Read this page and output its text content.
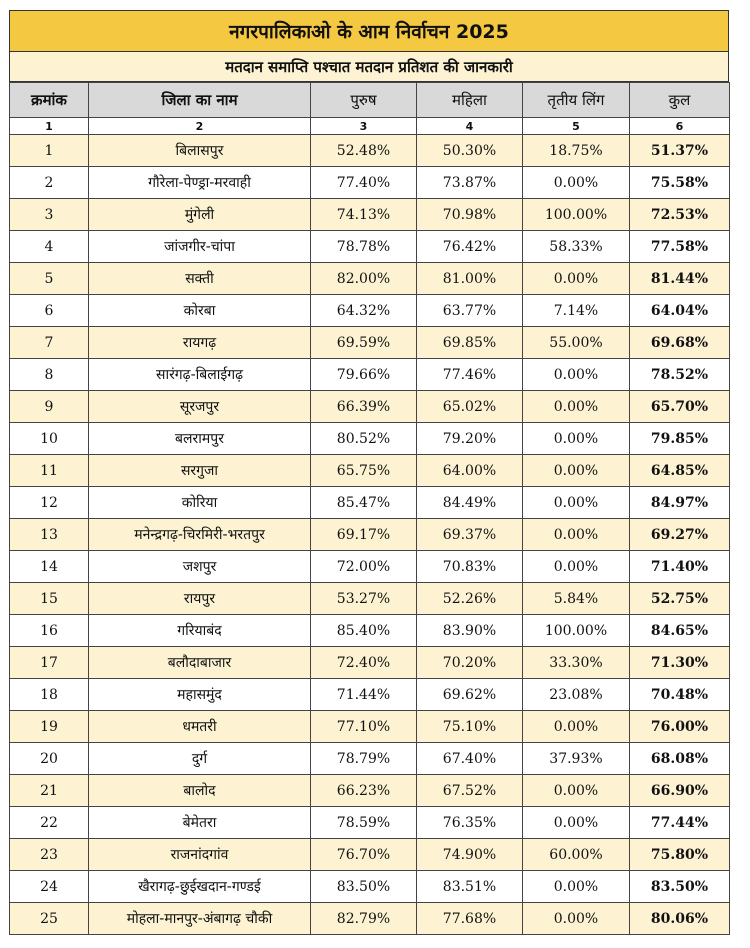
नगरपालिकाओ के आम निर्वाचन 2025
मतदान समाप्ति पश्चात मतदान प्रतिशत की जानकारी
क्रमांक	जिला का नाम	पुरुष	महिला	तृतीय लिंग	कुल
1	2	3	4	5	6
1	बिलासपुर	52.48%	50.30%	18.75%	51.37%
2	गौरेला-पेण्ड्रा-मरवाही	77.40%	73.87%	0.00%	75.58%
3	मुंगेली	74.13%	70.98%	100.00%	72.53%
4	जांजगीर-चांपा	78.78%	76.42%	58.33%	77.58%
5	सक्ती	82.00%	81.00%	0.00%	81.44%
6	कोरबा	64.32%	63.77%	7.14%	64.04%
7	रायगढ़	69.59%	69.85%	55.00%	69.68%
8	सारंगढ़-बिलाईगढ़	79.66%	77.46%	0.00%	78.52%
9	सूरजपुर	66.39%	65.02%	0.00%	65.70%
10	बलरामपुर	80.52%	79.20%	0.00%	79.85%
11	सरगुजा	65.75%	64.00%	0.00%	64.85%
12	कोरिया	85.47%	84.49%	0.00%	84.97%
13	मनेन्द्रगढ़-चिरमिरी-भरतपुर	69.17%	69.37%	0.00%	69.27%
14	जशपुर	72.00%	70.83%	0.00%	71.40%
15	रायपुर	53.27%	52.26%	5.84%	52.75%
16	गरियाबंद	85.40%	83.90%	100.00%	84.65%
17	बलौदाबाजार	72.40%	70.20%	33.30%	71.30%
18	महासमुंद	71.44%	69.62%	23.08%	70.48%
19	धमतरी	77.10%	75.10%	0.00%	76.00%
20	दुर्ग	78.79%	67.40%	37.93%	68.08%
21	बालोद	66.23%	67.52%	0.00%	66.90%
22	बेमेतरा	78.59%	76.35%	0.00%	77.44%
23	राजनांदगांव	76.70%	74.90%	60.00%	75.80%
24	खैरागढ़-छुईखदान-गण्डई	83.50%	83.51%	0.00%	83.50%
25	मोहला-मानपुर-अंबागढ़ चौकी	82.79%	77.68%	0.00%	80.06%
